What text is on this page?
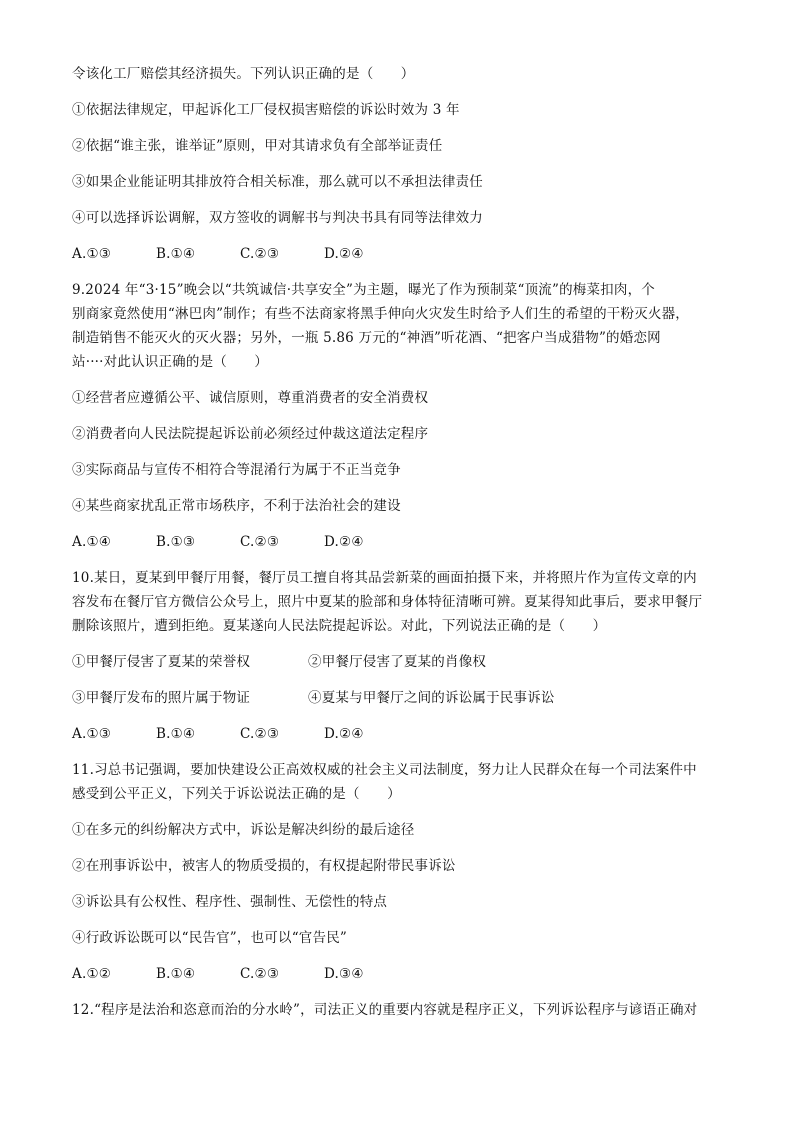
令该化工厂赔偿其经济损失。下列认识正确的是（　　）
①依据法律规定，甲起诉化工厂侵权损害赔偿的诉讼时效为 3 年
②依据“谁主张，谁举证”原则，甲对其请求负有全部举证责任
③如果企业能证明其排放符合相关标准，那么就可以不承担法律责任
④可以选择诉讼调解，双方签收的调解书与判决书具有同等法律效力
A.①③	B.①④	C.②③	D.②④
9.2024 年“3·15”晚会以“共筑诚信·共享安全”为主题，曝光了作为预制菜“顶流”的梅菜扣肉，个
别商家竟然使用“淋巴肉”制作；有些不法商家将黑手伸向火灾发生时给予人们生的希望的干粉灭火器，
制造销售不能灭火的灭火器；另外，一瓶 5.86 万元的“神酒”听花酒、“把客户当成猎物”的婚恋网
站····对此认识正确的是（　　）
①经营者应遵循公平、诚信原则，尊重消费者的安全消费权
②消费者向人民法院提起诉讼前必须经过仲裁这道法定程序
③实际商品与宣传不相符合等混淆行为属于不正当竞争
④某些商家扰乱正常市场秩序，不利于法治社会的建设
A.①④	B.①③	C.②③	D.②④
10.某日，夏某到甲餐厅用餐，餐厅员工擅自将其品尝新菜的画面拍摄下来，并将照片作为宣传文章的内
容发布在餐厅官方微信公众号上，照片中夏某的脸部和身体特征清晰可辨。夏某得知此事后，要求甲餐厅
删除该照片，遭到拒绝。夏某遂向人民法院提起诉讼。对此，下列说法正确的是（　　）
①甲餐厅侵害了夏某的荣誉权	②甲餐厅侵害了夏某的肖像权
③甲餐厅发布的照片属于物证	④夏某与甲餐厅之间的诉讼属于民事诉讼
A.①③	B.①④	C.②③	D.②④
11.习总书记强调，要加快建设公正高效权威的社会主义司法制度，努力让人民群众在每一个司法案件中
感受到公平正义，下列关于诉讼说法正确的是（　　）
①在多元的纠纷解决方式中，诉讼是解决纠纷的最后途径
②在刑事诉讼中，被害人的物质受损的，有权提起附带民事诉讼
③诉讼具有公权性、程序性、强制性、无偿性的特点
④行政诉讼既可以“民告官”，也可以“官告民”
A.①②	B.①④	C.②③	D.③④
12.“程序是法治和恣意而治的分水岭”，司法正义的重要内容就是程序正义，下列诉讼程序与谚语正确对
